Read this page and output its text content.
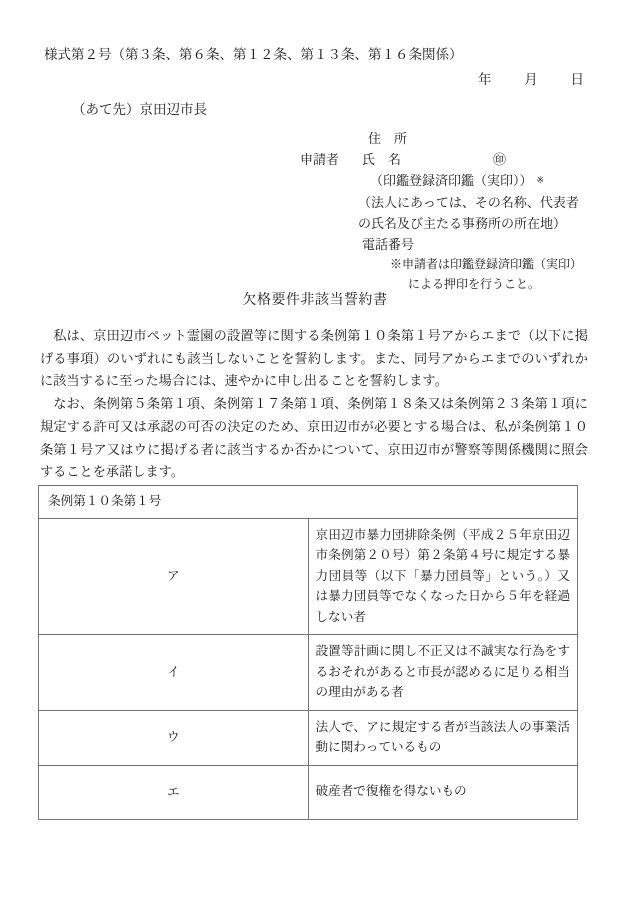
様式第２号（第３条、第６条、第１２条、第１３条、第１６条関係）
年 月 日
（あて先）京田辺市長
住　所
申請者 氏　名	㊞
（印鑑登録済印鑑（実印）） ※
（法人にあっては、その名称、代表者
の氏名及び主たる事務所の所在地）
電話番号
※申請者は印鑑登録済印鑑（実印）
による押印を行うこと。
欠格要件非該当誓約書

私は、京田辺市ペット霊園の設置等に関する条例第１０条第１号アからエまで（以下に掲げる事項）のいずれにも該当しないことを誓約します。また、同号アからエまでのいずれかに該当するに至った場合には、速やかに申し出ることを誓約します。

なお、条例第５条第１項、条例第１７条第１項、条例第１８条又は条例第２３条第１項に規定する許可又は承認の可否の決定のため、京田辺市が必要とする場合は、私が条例第１０条第１号ア又はウに掲げる者に該当するか否かについて、京田辺市が警察等関係機関に照会することを承諾します。

条例第１０条第１号	
ア	京田辺市暴力団排除条例（平成２５年京田辺市条例第２０号）第２条第４号に規定する暴力団員等（以下「暴力団員等」という。）又は暴力団員等でなくなった日から５年を経過しない者
イ	設置等計画に関し不正又は不誠実な行為をするおそれがあると市長が認めるに足りる相当の理由がある者
ウ	法人で、アに規定する者が当該法人の事業活動に関わっているもの
エ	破産者で復権を得ないもの
